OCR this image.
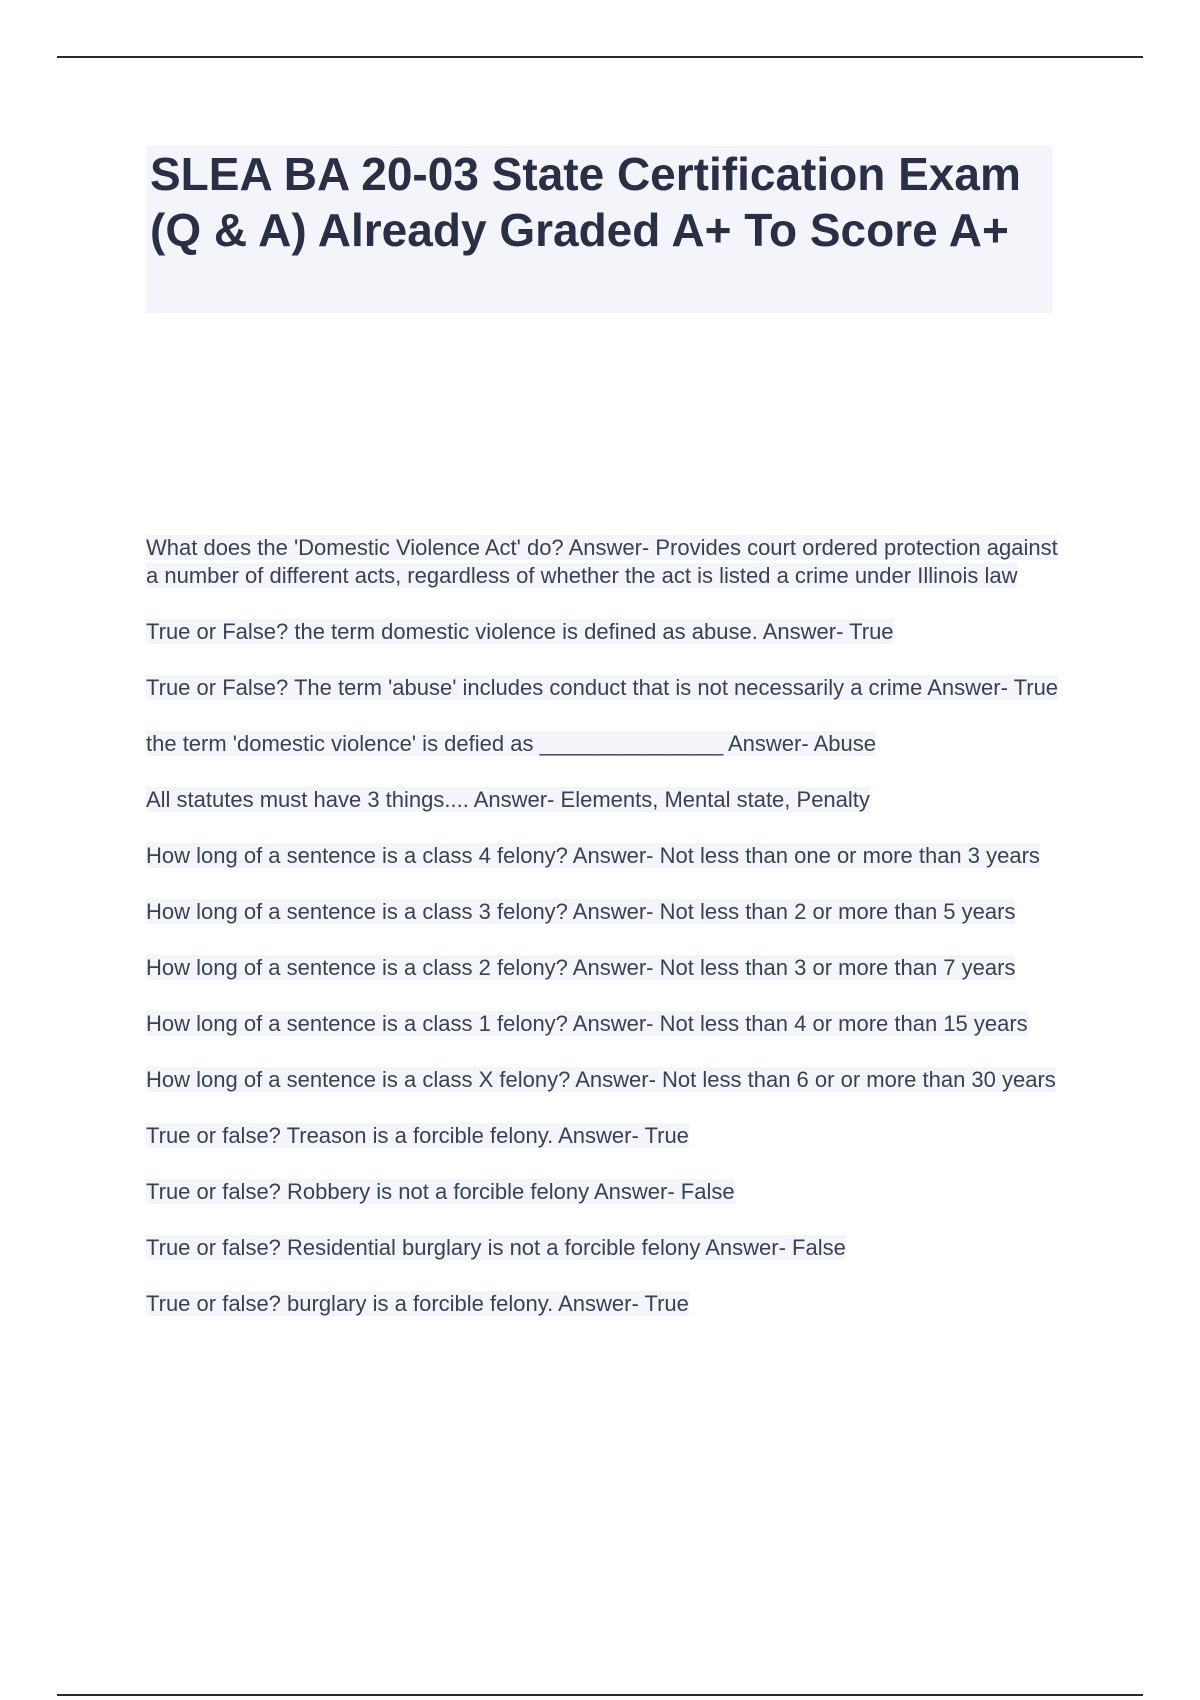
SLEA BA 20-03 State Certification Exam (Q & A) Already Graded A+ To Score A+
What does the 'Domestic Violence Act' do? Answer- Provides court ordered protection against a number of different acts, regardless of whether the act is listed a crime under Illinois law
True or False? the term domestic violence is defined as abuse. Answer- True
True or False? The term 'abuse' includes conduct that is not necessarily a crime Answer- True
the term 'domestic violence' is defied as _______________ Answer- Abuse
All statutes must have 3 things.... Answer- Elements, Mental state, Penalty
How long of a sentence is a class 4 felony? Answer- Not less than one or more than 3 years
How long of a sentence is a class 3 felony? Answer- Not less than 2 or more than 5 years
How long of a sentence is a class 2 felony? Answer- Not less than 3 or more than 7 years
How long of a sentence is a class 1 felony? Answer- Not less than 4 or more than 15 years
How long of a sentence is a class X felony? Answer- Not less than 6 or or more than 30 years
True or false? Treason is a forcible felony. Answer- True
True or false? Robbery is not a forcible felony Answer- False
True or false? Residential burglary is not a forcible felony Answer- False
True or false? burglary is a forcible felony. Answer- True
